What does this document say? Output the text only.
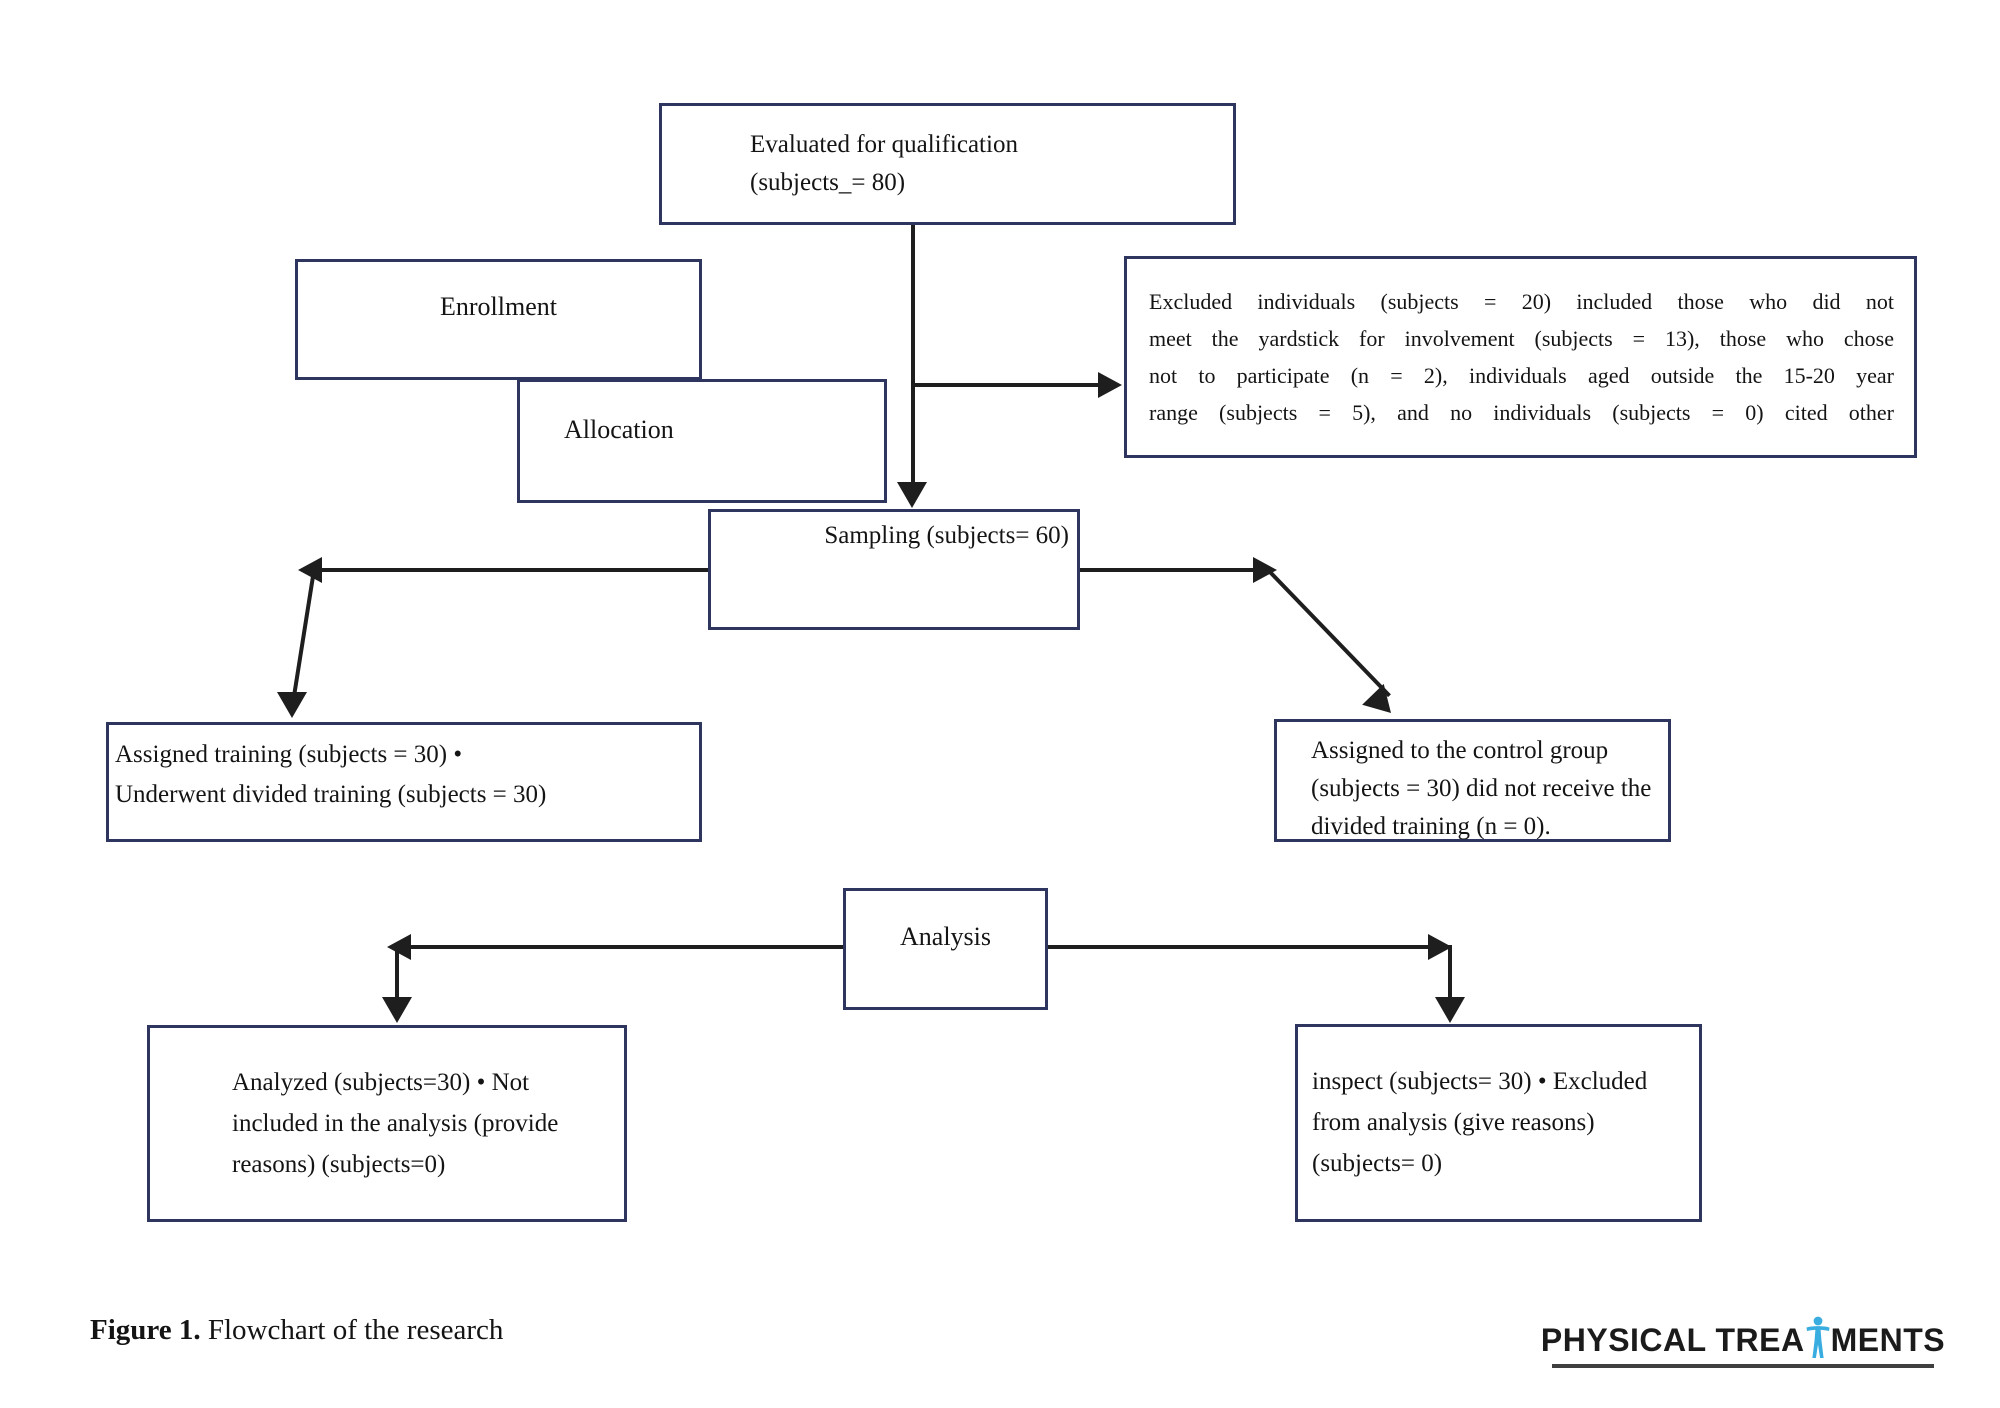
Evaluated for qualification
(subjects_= 80)
Enrollment
Allocation
Excluded individuals (subjects = 20) included those who did not
meet the yardstick for involvement (subjects = 13), those who chose
not to participate (n = 2), individuals aged outside the 15-20 year
range (subjects = 5), and no individuals (subjects = 0) cited other
Sampling (subjects= 60)
Assigned training (subjects = 30) •
Underwent divided training (subjects = 30)
Assigned to the control group
(subjects = 30) did not receive the
divided training (n = 0).
Analysis
Analyzed (subjects=30) • Not
included in the analysis (provide
reasons) (subjects=0)
inspect (subjects= 30) • Excluded
from analysis (give reasons)
(subjects= 0)
Figure 1. Flowchart of the research	PHYSICAL TREA MENTS
